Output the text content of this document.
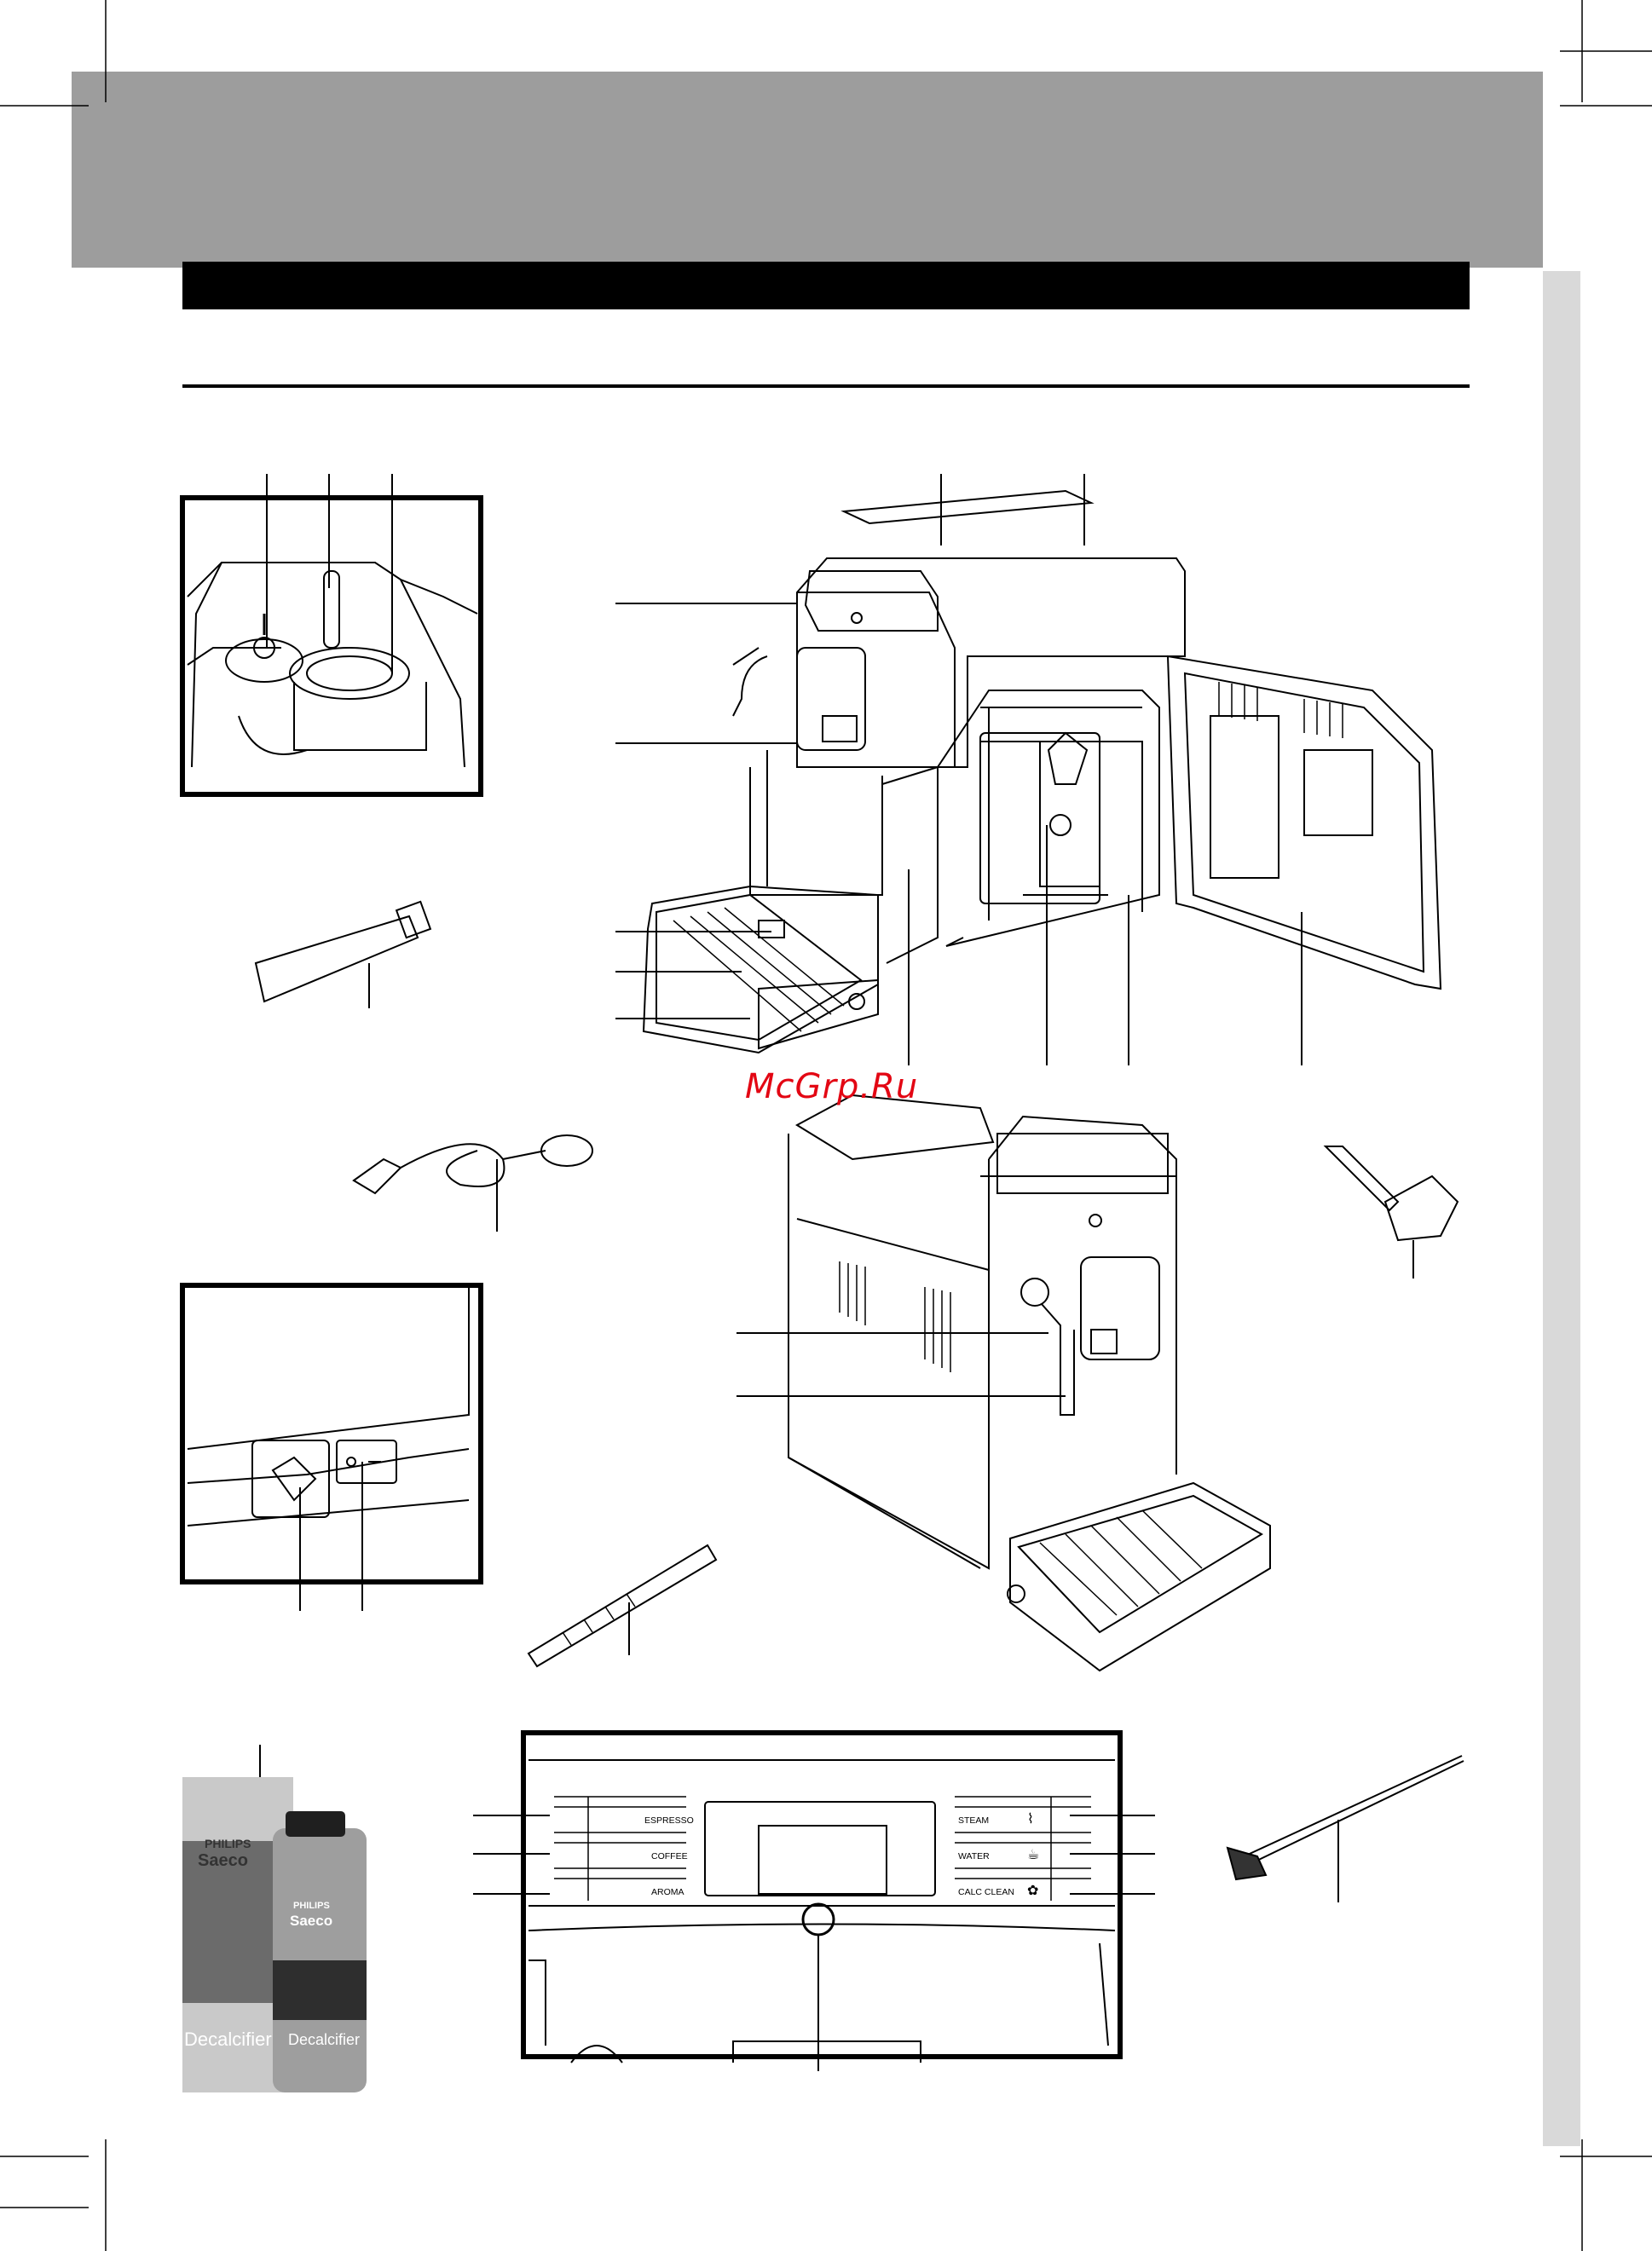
McGrp.Ru
ESPRESSO
COFFEE
AROMA
STEAM
WATER
CALC CLEAN
⌇
☕
✿
PHILIPS
Saeco
PHILIPS
Saeco
Decalcifier Decalcifier
